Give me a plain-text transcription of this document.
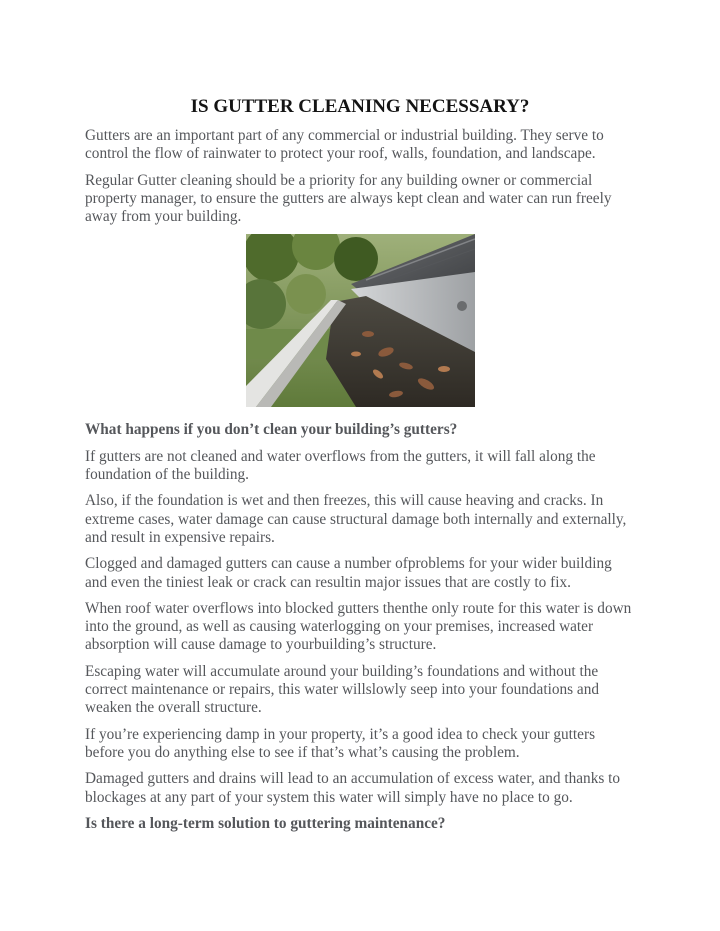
IS GUTTER CLEANING NECESSARY?

Gutters are an important part of any commercial or industrial building. They serve to control the flow of rainwater to protect your roof, walls, foundation, and landscape.

Regular Gutter cleaning should be a priority for any building owner or commercial property manager, to ensure the gutters are always kept clean and water can run freely away from your building.

What happens if you don’t clean your building’s gutters?

If gutters are not cleaned and water overflows from the gutters, it will fall along the foundation of the building.

Also, if the foundation is wet and then freezes, this will cause heaving and cracks. In extreme cases, water damage can cause structural damage both internally and externally, and result in expensive repairs.

Clogged and damaged gutters can cause a number ofproblems for your wider building and even the tiniest leak or crack can resultin major issues that are costly to fix.

When roof water overflows into blocked gutters thenthe only route for this water is down into the ground, as well as causing waterlogging on your premises, increased water absorption will cause damage to yourbuilding’s structure.

Escaping water will accumulate around your building’s foundations and without the correct maintenance or repairs, this water willslowly seep into your foundations and weaken the overall structure.

If you’re experiencing damp in your property, it’s a good idea to check your gutters before you do anything else to see if that’s what’s causing the problem.

Damaged gutters and drains will lead to an accumulation of excess water, and thanks to blockages at any part of your system this water will simply have no place to go.

Is there a long-term solution to guttering maintenance?
